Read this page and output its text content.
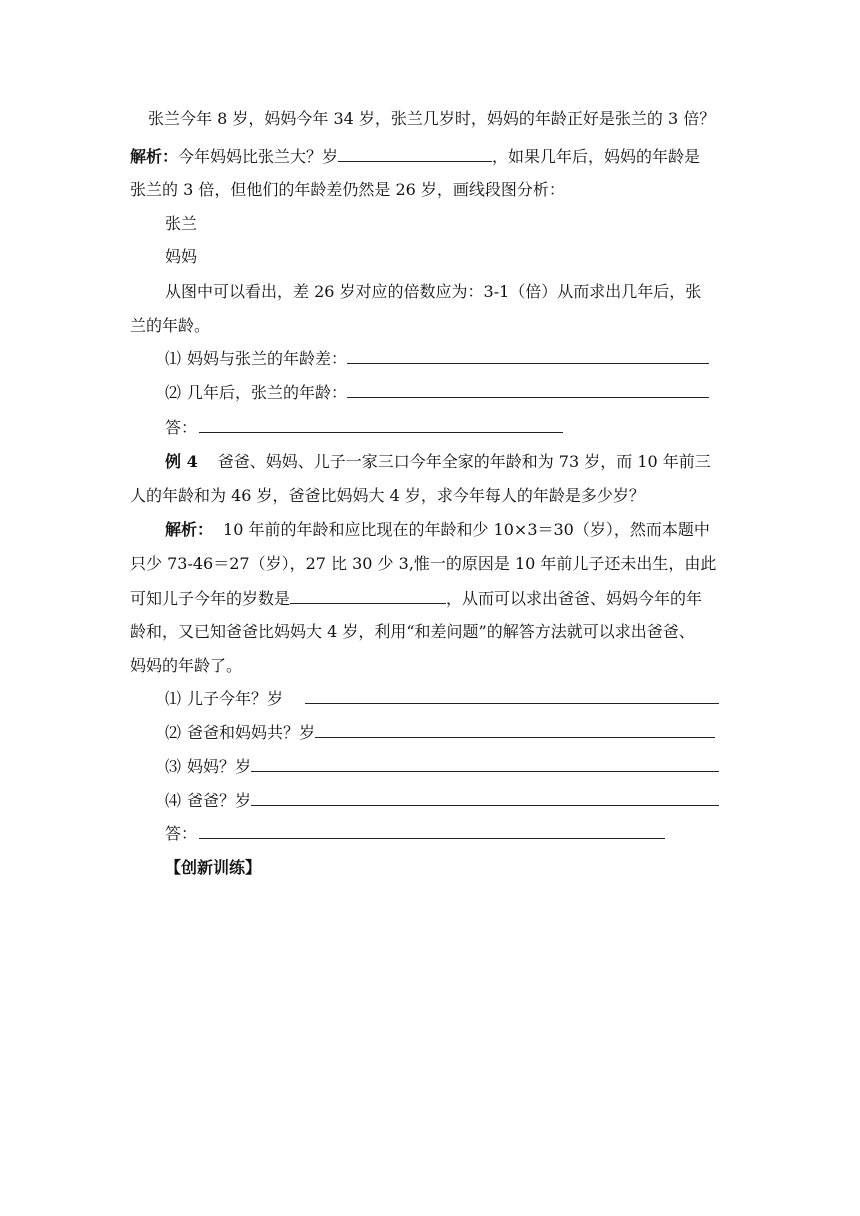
张兰今年 8 岁，妈妈今年 34 岁，张兰几岁时，妈妈的年龄正好是张兰的 3 倍？
解析：今年妈妈比张兰大？岁	，如果几年后，妈妈的年龄是
张兰的 3 倍，但他们的年龄差仍然是 26 岁，画线段图分析：
张兰
妈妈
从图中可以看出，差 26 岁对应的倍数应为：3-1（倍）从而求出几年后，张
兰的年龄。
⑴ 妈妈与张兰的年龄差：
⑵ 几年后，张兰的年龄：
答：
例 4 爸爸、妈妈、儿子一家三口今年全家的年龄和为 73 岁，而 10 年前三
人的年龄和为 46 岁，爸爸比妈妈大 4 岁，求今年每人的年龄是多少岁？
解析： 10 年前的年龄和应比现在的年龄和少 10×3＝30（岁），然而本题中
只少 73-46＝27（岁），27 比 30 少 3,惟一的原因是 10 年前儿子还未出生，由此
可知儿子今年的岁数是	，从而可以求出爸爸、妈妈今年的年
龄和，又已知爸爸比妈妈大 4 岁，利用“和差问题”的解答方法就可以求出爸爸、
妈妈的年龄了。
⑴ 儿子今年？岁
⑵ 爸爸和妈妈共？岁
⑶ 妈妈？岁
⑷ 爸爸？岁
答：
【创新训练】
